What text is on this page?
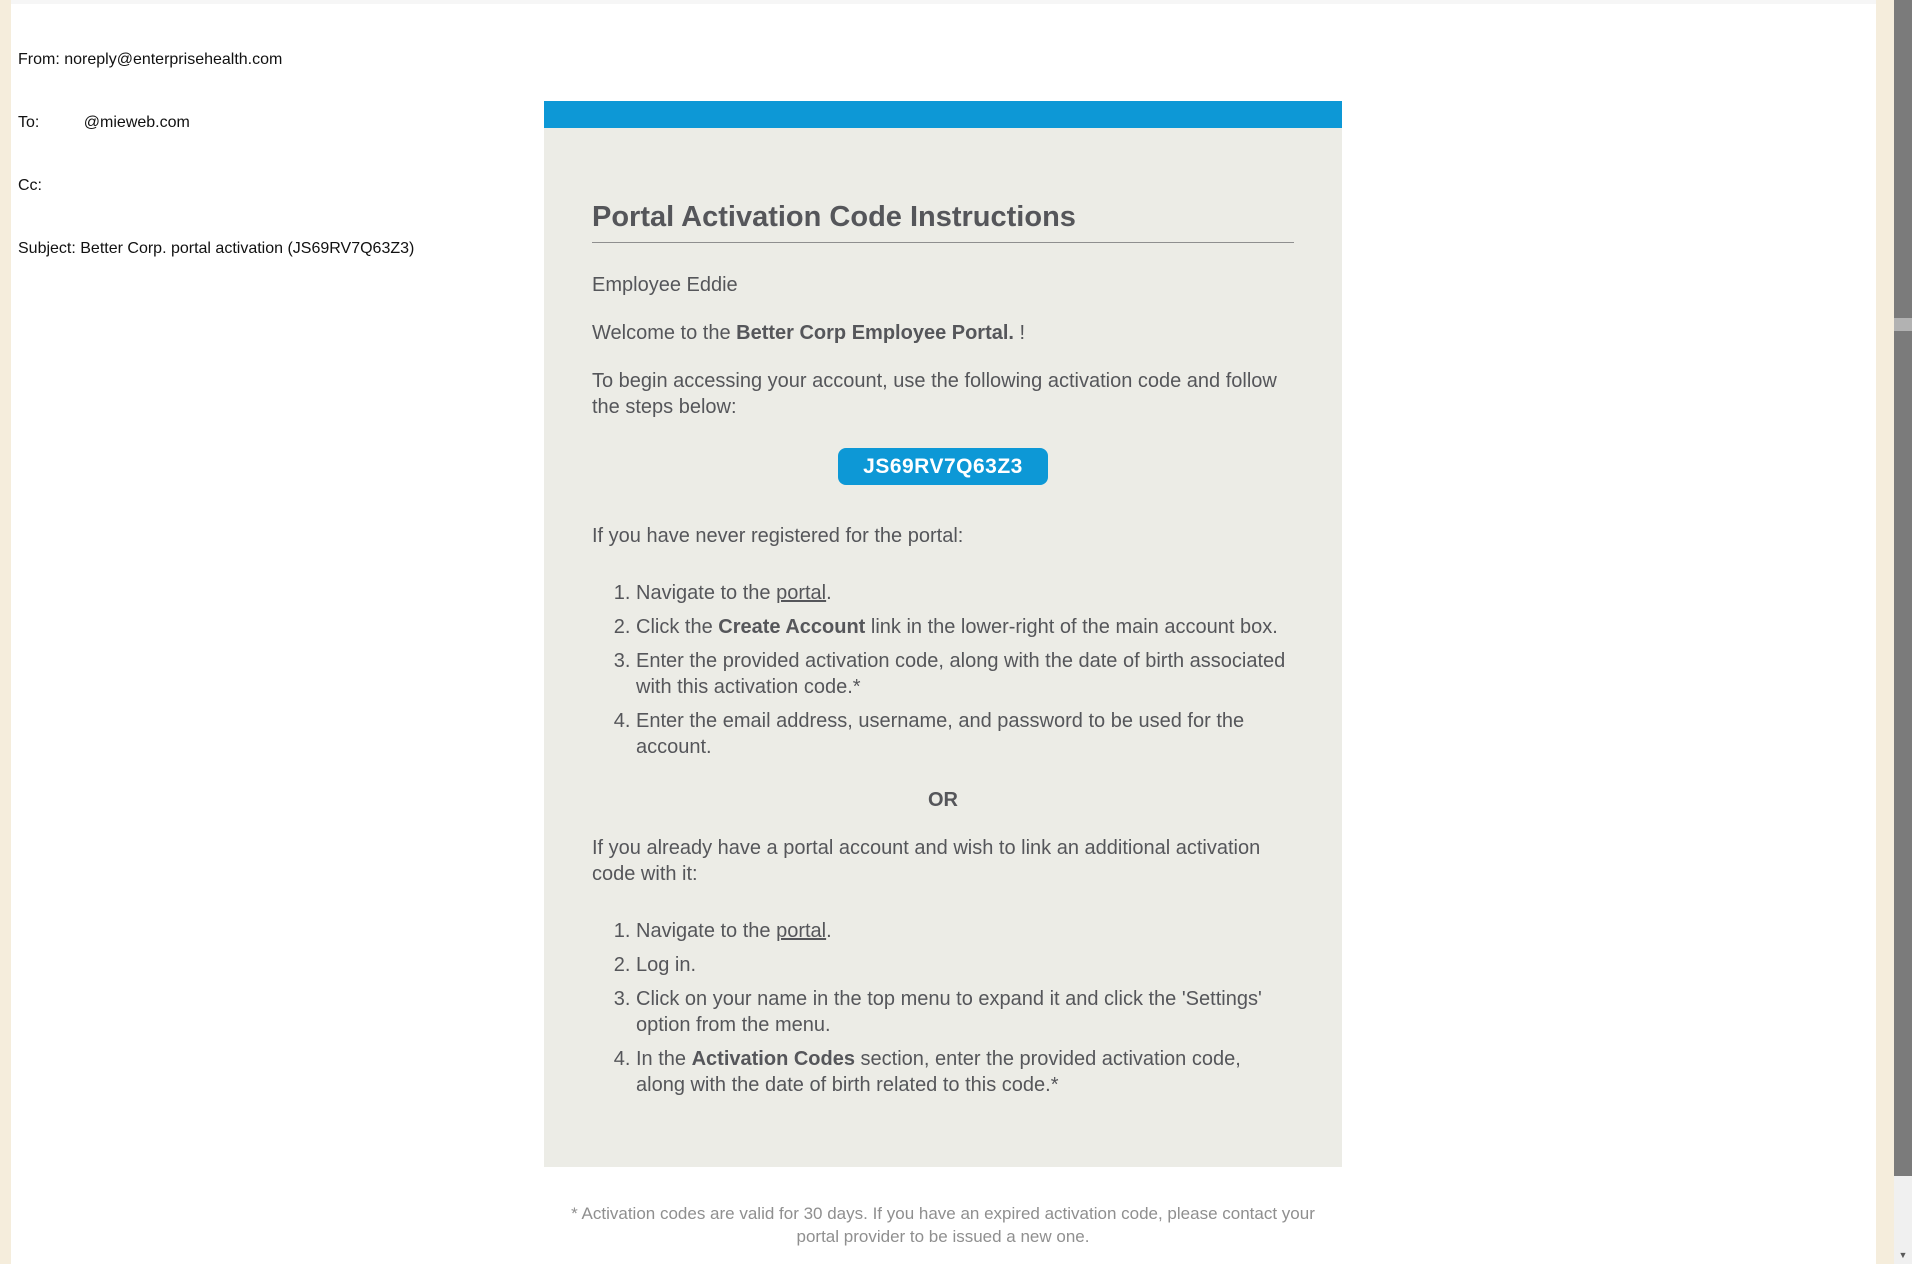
▼

From: noreply@enterprisehealth.com

To:          @mieweb.com

Cc:

Subject: Better Corp. portal activation (JS69RV7Q63Z3)

Portal Activation Code Instructions

Employee Eddie

Welcome to the Better Corp Employee Portal. !

To begin accessing your account, use the following activation code and follow the steps below:

JS69RV7Q63Z3

If you have never registered for the portal:

1. Navigate to the portal.
2. Click the Create Account link in the lower-right of the main account box.
3. Enter the provided activation code, along with the date of birth associated with this activation code.*
4. Enter the email address, username, and password to be used for the account.

OR

If you already have a portal account and wish to link an additional activation code with it:

1. Navigate to the portal.
2. Log in.
3. Click on your name in the top menu to expand it and click the 'Settings' option from the menu.
4. In the Activation Codes section, enter the provided activation code, along with the date of birth related to this code.*
* Activation codes are valid for 30 days. If you have an expired activation code, please contact your portal provider to be issued a new one.
